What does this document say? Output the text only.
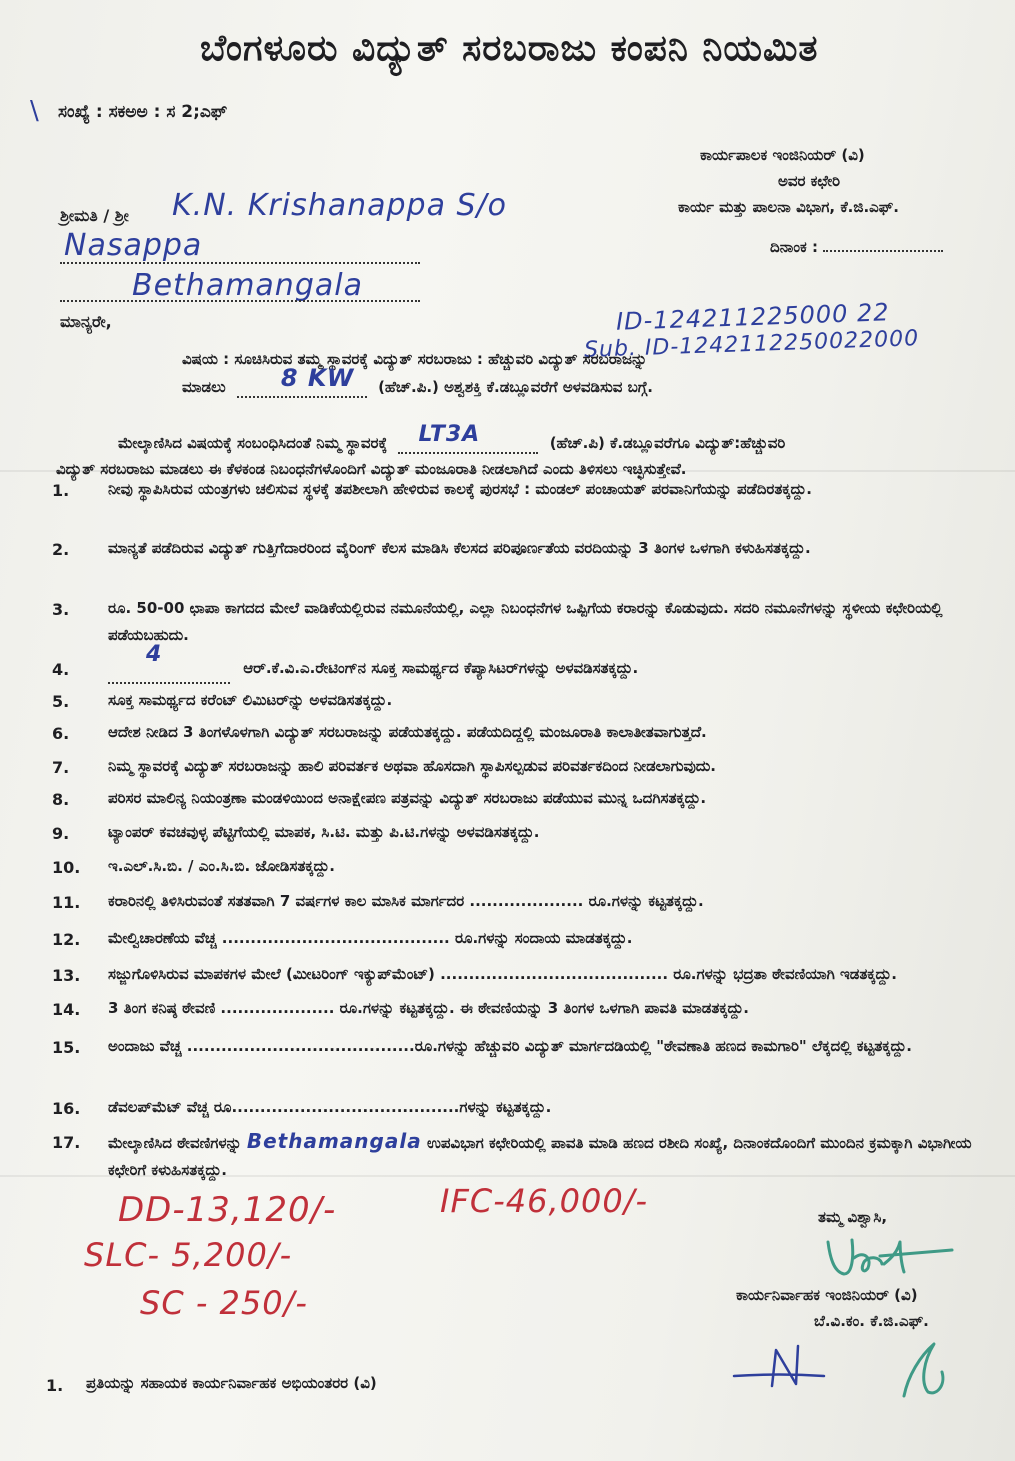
ಬೆಂಗಳೂರು ವಿದ್ಯುತ್ ಸರಬರಾಜು ಕಂಪನಿ ನಿಯಮಿತ
\ ಸಂಖ್ಯೆ : ಸಕಅಅ : ಸ 2;ಎಫ್
ಕಾರ್ಯಪಾಲಕ ಇಂಜಿನಿಯರ್ (ವಿ)
ಅವರ ಕಛೇರಿ
ಕಾರ್ಯ ಮತ್ತು ಪಾಲನಾ ವಿಭಾಗ, ಕೆ.ಜಿ.ಎಫ್.
ದಿನಾಂಕ :
ಶ್ರೀಮತಿ / ಶ್ರೀ K.N. Krishanappa S/o
Nasappa
Bethamangala
ಮಾನ್ಯರೇ,	ID-124211225000 22
Sub. ID-1242112250022000
ವಿಷಯ : ಸೂಚಿಸಿರುವ ತಮ್ಮ ಸ್ಥಾವರಕ್ಕೆ ವಿದ್ಯುತ್ ಸರಬರಾಜು : ಹೆಚ್ಚುವರಿ ವಿದ್ಯುತ್ ಸರಬರಾಜನ್ನು
ಮಾಡಲು 8 KW (ಹೆಚ್.ಪಿ.) ಅಶ್ವಶಕ್ತಿ ಕೆ.ಡಬ್ಲೂವರೆಗೆ ಅಳವಡಿಸುವ ಬಗ್ಗೆ.
ಮೇಲ್ಕಾಣಿಸಿದ ವಿಷಯಕ್ಕೆ ಸಂಬಂಧಿಸಿದಂತೆ ನಿಮ್ಮ ಸ್ಥಾವರಕ್ಕೆ LT3A	(ಹೆಚ್.ಪಿ) ಕೆ.ಡಬ್ಲೂವರೆಗೂ ವಿದ್ಯುತ್:ಹೆಚ್ಚುವರಿ
ವಿದ್ಯುತ್ ಸರಬರಾಜು ಮಾಡಲು ಈ ಕೆಳಕಂಡ ನಿಬಂಧನೆಗಳೊಂದಿಗೆ ವಿದ್ಯುತ್ ಮಂಜೂರಾತಿ ನೀಡಲಾಗಿದೆ ಎಂದು ತಿಳಿಸಲು ಇಚ್ಛಿಸುತ್ತೇವೆ.
1.	ನೀವು ಸ್ಥಾಪಿಸಿರುವ ಯಂತ್ರಗಳು ಚಲಿಸುವ ಸ್ಥಳಕ್ಕೆ ತಪಶೀಲಾಗಿ ಹೇಳಿರುವ ಕಾಲಕ್ಕೆ ಪುರಸಭೆ : ಮಂಡಲ್ ಪಂಚಾಯತ್ ಪರವಾನಿಗೆಯನ್ನು ಪಡೆದಿರತಕ್ಕದ್ದು.
2.	ಮಾನ್ಯತೆ ಪಡೆದಿರುವ ವಿದ್ಯುತ್ ಗುತ್ತಿಗೆದಾರರಿಂದ ವೈರಿಂಗ್ ಕೆಲಸ ಮಾಡಿಸಿ ಕೆಲಸದ ಪರಿಪೂರ್ಣತೆಯ ವರದಿಯನ್ನು 3 ತಿಂಗಳ ಒಳಗಾಗಿ ಕಳುಹಿಸತಕ್ಕದ್ದು.
3.	ರೂ. 50-00 ಛಾಪಾ ಕಾಗದದ ಮೇಲೆ ವಾಡಿಕೆಯಲ್ಲಿರುವ ನಮೂನೆಯಲ್ಲಿ, ಎಲ್ಲಾ ನಿಬಂಧನೆಗಳ ಒಪ್ಪಿಗೆಯ ಕರಾರನ್ನು ಕೊಡುವುದು. ಸದರಿ ನಮೂನೆಗಳನ್ನು ಸ್ಥಳೀಯ ಕಛೇರಿಯಲ್ಲಿ ಪಡೆಯಬಹುದು.
4.
4
ಆರ್.ಕೆ.ವಿ.ಎ.ರೇಟಿಂಗ್‌ನ ಸೂಕ್ತ ಸಾಮರ್ಥ್ಯದ ಕೆಪ್ಯಾಸಿಟರ್‌ಗಳನ್ನು ಅಳವಡಿಸತಕ್ಕದ್ದು.
5.	ಸೂಕ್ತ ಸಾಮರ್ಥ್ಯದ ಕರೆಂಟ್ ಲಿಮಿಟರ್‌ನ್ನು ಅಳವಡಿಸತಕ್ಕದ್ದು.
6.	ಆದೇಶ ನೀಡಿದ 3 ತಿಂಗಳೊಳಗಾಗಿ ವಿದ್ಯುತ್ ಸರಬರಾಜನ್ನು ಪಡೆಯತಕ್ಕದ್ದು. ಪಡೆಯದಿದ್ದಲ್ಲಿ ಮಂಜೂರಾತಿ ಕಾಲಾತೀತವಾಗುತ್ತದೆ.
7.	ನಿಮ್ಮ ಸ್ಥಾವರಕ್ಕೆ ವಿದ್ಯುತ್ ಸರಬರಾಜನ್ನು ಹಾಲಿ ಪರಿವರ್ತಕ ಅಥವಾ ಹೊಸದಾಗಿ ಸ್ಥಾಪಿಸಲ್ಪಡುವ ಪರಿವರ್ತಕದಿಂದ ನೀಡಲಾಗುವುದು.
8.	ಪರಿಸರ ಮಾಲಿನ್ಯ ನಿಯಂತ್ರಣಾ ಮಂಡಳಿಯಿಂದ ಅನಾಕ್ಷೇಪಣ ಪತ್ರವನ್ನು ವಿದ್ಯುತ್ ಸರಬರಾಜು ಪಡೆಯುವ ಮುನ್ನ ಒದಗಿಸತಕ್ಕದ್ದು.
9.	ಟ್ಯಾಂಪರ್ ಕವಚವುಳ್ಳ ಪೆಟ್ಟಿಗೆಯಲ್ಲಿ ಮಾಪಕ, ಸಿ.ಟಿ. ಮತ್ತು ಪಿ.ಟಿ.ಗಳನ್ನು ಅಳವಡಿಸತಕ್ಕದ್ದು.
10. ಇ.ಎಲ್.ಸಿ.ಬಿ. / ಎಂ.ಸಿ.ಬಿ. ಜೋಡಿಸತಕ್ಕದ್ದು.
11. ಕರಾರಿನಲ್ಲಿ ತಿಳಿಸಿರುವಂತೆ ಸತತವಾಗಿ 7 ವರ್ಷಗಳ ಕಾಲ ಮಾಸಿಕ ಮಾರ್ಗದರ .................... ರೂ.ಗಳನ್ನು ಕಟ್ಟತಕ್ಕದ್ದು.
12. ಮೇಲ್ವಿಚಾರಣೆಯ ವೆಚ್ಚ ........................................ ರೂ.ಗಳನ್ನು ಸಂದಾಯ ಮಾಡತಕ್ಕದ್ದು.
13. ಸಜ್ಜುಗೊಳಿಸಿರುವ ಮಾಪಕಗಳ ಮೇಲೆ (ಮೀಟರಿಂಗ್ ಇಕ್ಯುಪ್‌ಮೆಂಟ್) ........................................ ರೂ.ಗಳನ್ನು ಭದ್ರತಾ ಠೇವಣಿಯಾಗಿ ಇಡತಕ್ಕದ್ದು.
14. 3 ತಿಂಗ ಕನಿಷ್ಠ ಠೇವಣಿ .................... ರೂ.ಗಳನ್ನು ಕಟ್ಟತಕ್ಕದ್ದು. ಈ ಠೇವಣಿಯನ್ನು 3 ತಿಂಗಳ ಒಳಗಾಗಿ ಪಾವತಿ ಮಾಡತಕ್ಕದ್ದು.
15. ಅಂದಾಜು ವೆಚ್ಚ ........................................ರೂ.ಗಳನ್ನು ಹೆಚ್ಚುವರಿ ವಿದ್ಯುತ್ ಮಾರ್ಗದಡಿಯಲ್ಲಿ "ಠೇವಣಾತಿ ಹಣದ ಕಾಮಗಾರಿ" ಲೆಕ್ಕದಲ್ಲಿ ಕಟ್ಟತಕ್ಕದ್ದು.
16. ಡೆವಲಪ್‌ಮೆಟ್ ವೆಚ್ಚ ರೂ........................................ಗಳನ್ನು ಕಟ್ಟತಕ್ಕದ್ದು.
17. ಮೇಲ್ಕಾಣಿಸಿದ ಠೇವಣಿಗಳನ್ನು Bethamangala ಉಪವಿಭಾಗ ಕಛೇರಿಯಲ್ಲಿ ಪಾವತಿ ಮಾಡಿ ಹಣದ ರಶೀದಿ ಸಂಖ್ಯೆ, ದಿನಾಂಕದೊಂದಿಗೆ ಮುಂದಿನ ಕ್ರಮಕ್ಕಾಗಿ ವಿಭಾಗೀಯ ಕಛೇರಿಗೆ ಕಳುಹಿಸತಕ್ಕದ್ದು.
DD-13,120/-	IFC-46,000/-
SLC- 5,200/-
SC - 250/-
ತಮ್ಮ ವಿಶ್ವಾಸಿ,
ಕಾರ್ಯನಿರ್ವಾಹಕ ಇಂಜಿನಿಯರ್ (ವಿ)
ಬೆ.ವಿ.ಕಂ. ಕೆ.ಜಿ.ಎಫ್.
1. ಪ್ರತಿಯನ್ನು ಸಹಾಯಕ ಕಾರ್ಯನಿರ್ವಾಹಕ ಅಭಿಯಂತರರ (ವಿ)
